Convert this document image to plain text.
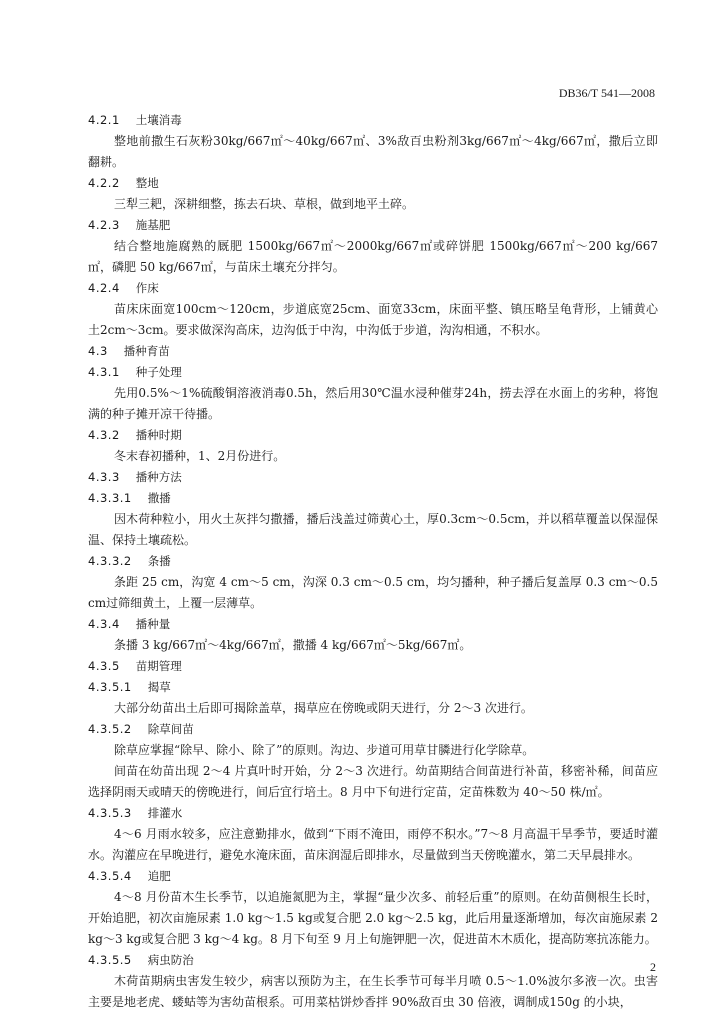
DB36/T 541—2008
4.2.1 土壤消毒
整地前撒生石灰粉30kg/667㎡～40kg/667㎡、3%敌百虫粉剂3kg/667㎡～4kg/667㎡，撒后立即翻耕。
4.2.2 整地
三犁三耙，深耕细整，拣去石块、草根，做到地平土碎。
4.2.3 施基肥
结合整地施腐熟的厩肥 1500kg/667㎡～2000kg/667㎡或碎饼肥 1500kg/667㎡～200 kg/667㎡，磷肥 50 kg/667㎡，与苗床土壤充分拌匀。
4.2.4 作床
苗床床面宽100cm～120cm，步道底宽25cm、面宽33cm，床面平整、镇压略呈龟背形，上铺黄心土2cm～3cm。要求做深沟高床，边沟低于中沟，中沟低于步道，沟沟相通，不积水。
4.3 播种育苗
4.3.1 种子处理
先用0.5%～1%硫酸铜溶液消毒0.5h，然后用30℃温水浸种催芽24h，捞去浮在水面上的劣种，将饱满的种子摊开凉干待播。
4.3.2 播种时期
冬末春初播种，1、2月份进行。
4.3.3 播种方法
4.3.3.1 撒播
因木荷种粒小，用火土灰拌匀撒播，播后浅盖过筛黄心土，厚0.3cm～0.5cm，并以稻草覆盖以保湿保温、保持土壤疏松。
4.3.3.2 条播
条距 25 cm，沟宽 4 cm～5 cm，沟深 0.3 cm～0.5 cm，均匀播种，种子播后复盖厚 0.3 cm～0.5 cm过筛细黄土，上覆一层薄草。
4.3.4 播种量
条播 3 kg/667㎡～4kg/667㎡，撒播 4 kg/667㎡～5kg/667㎡。
4.3.5 苗期管理
4.3.5.1 揭草
大部分幼苗出土后即可揭除盖草，揭草应在傍晚或阴天进行，分 2～3 次进行。
4.3.5.2 除草间苗
除草应掌握“除早、除小、除了”的原则。沟边、步道可用草甘膦进行化学除草。
间苗在幼苗出现 2～4 片真叶时开始，分 2～3 次进行。幼苗期结合间苗进行补苗，移密补稀，间苗应选择阴雨天或晴天的傍晚进行，间后宜行培土。8 月中下旬进行定苗，定苗株数为 40～50 株/㎡。
4.3.5.3 排灌水
4～6 月雨水较多，应注意勤排水，做到“下雨不淹田，雨停不积水。”7～8 月高温干旱季节，要适时灌水。沟灌应在早晚进行，避免水淹床面，苗床润湿后即排水，尽量做到当天傍晚灌水，第二天早晨排水。
4.3.5.4 追肥
4～8 月份苗木生长季节，以追施氮肥为主，掌握“量少次多、前轻后重”的原则。在幼苗侧根生长时，开始追肥，初次亩施尿素 1.0 kg～1.5 kg或复合肥 2.0 kg～2.5 kg，此后用量逐渐增加，每次亩施尿素 2 kg～3 kg或复合肥 3 kg～4 kg。8 月下旬至 9 月上旬施钾肥一次，促进苗木木质化，提高防寒抗冻能力。
4.3.5.5 病虫防治
木荷苗期病虫害发生较少，病害以预防为主，在生长季节可每半月喷 0.5～1.0%波尔多液一次。虫害主要是地老虎、蝼蛄等为害幼苗根系。可用菜枯饼炒香拌 90%敌百虫 30 倍液，调制成150g 的小块，
2
